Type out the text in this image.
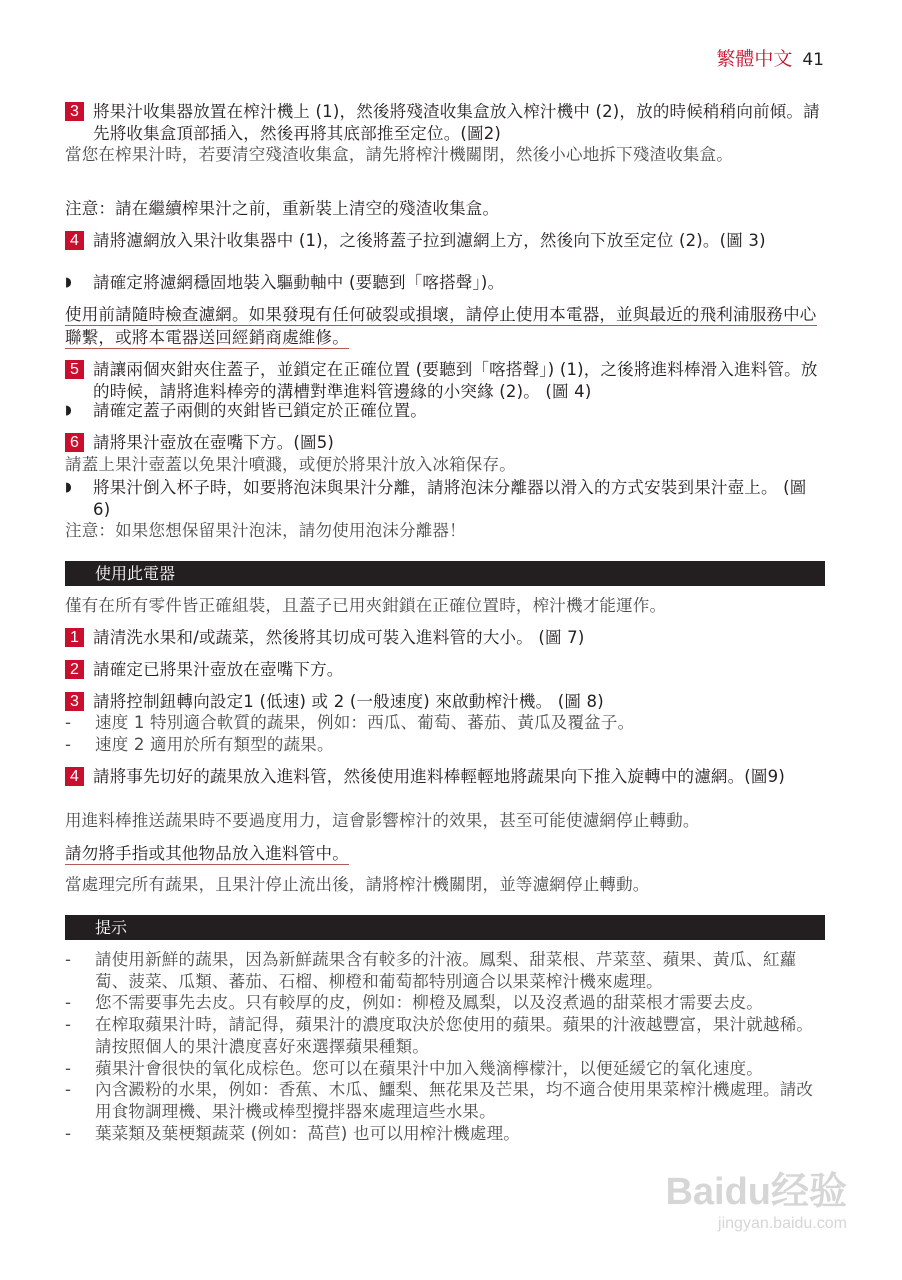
繁體中文 41
3 將果汁收集器放置在榨汁機上 (1)，然後將殘渣收集盒放入榨汁機中 (2)，放的時候稍稍向前傾。請先將收集盒頂部插入，然後再將其底部推至定位。(圖2)
當您在榨果汁時，若要清空殘渣收集盒，請先將榨汁機關閉，然後小心地拆下殘渣收集盒。
注意：請在繼續榨果汁之前，重新裝上清空的殘渣收集盒。
4 請將濾網放入果汁收集器中 (1)，之後將蓋子拉到濾網上方，然後向下放至定位 (2)。(圖 3)
◗	請確定將濾網穩固地裝入驅動軸中 (要聽到「喀搭聲」)。
使用前請隨時檢查濾網。如果發現有任何破裂或損壞，請停止使用本電器，並與最近的飛利浦服務中心聯繫，或將本電器送回經銷商處維修。
5 請讓兩個夾鉗夾住蓋子，並鎖定在正確位置 (要聽到「喀搭聲」) (1)，之後將進料棒滑入進料管。放的時候，請將進料棒旁的溝槽對準進料管邊緣的小突緣 (2)。 (圖 4)
◗	請確定蓋子兩側的夾鉗皆已鎖定於正確位置。
6 請將果汁壺放在壺嘴下方。(圖5)
請蓋上果汁壺蓋以免果汁噴濺，或便於將果汁放入冰箱保存。
◗	將果汁倒入杯子時，如要將泡沫與果汁分離，請將泡沫分離器以滑入的方式安裝到果汁壺上。 (圖 6)
注意：如果您想保留果汁泡沫，請勿使用泡沫分離器！
使用此電器
僅有在所有零件皆正確組裝，且蓋子已用夾鉗鎖在正確位置時，榨汁機才能運作。
1 請清洗水果和/或蔬菜，然後將其切成可裝入進料管的大小。 (圖 7)
2 請確定已將果汁壺放在壺嘴下方。
3 請將控制鈕轉向設定1 (低速) 或 2 (一般速度) 來啟動榨汁機。 (圖 8)
-	速度 1 特別適合軟質的蔬果，例如：西瓜、葡萄、蕃茄、黃瓜及覆盆子。
-	速度 2 適用於所有類型的蔬果。
4 請將事先切好的蔬果放入進料管，然後使用進料棒輕輕地將蔬果向下推入旋轉中的濾網。(圖9)
用進料棒推送蔬果時不要過度用力，這會影響榨汁的效果，甚至可能使濾網停止轉動。
請勿將手指或其他物品放入進料管中。
當處理完所有蔬果，且果汁停止流出後，請將榨汁機關閉，並等濾網停止轉動。
提示
-	請使用新鮮的蔬果，因為新鮮蔬果含有較多的汁液。鳳梨、甜菜根、芹菜莖、蘋果、黃瓜、紅蘿蔔、菠菜、瓜類、蕃茄、石榴、柳橙和葡萄都特別適合以果菜榨汁機來處理。
-	您不需要事先去皮。只有較厚的皮，例如：柳橙及鳳梨，以及沒煮過的甜菜根才需要去皮。
-	在榨取蘋果汁時，請記得，蘋果汁的濃度取決於您使用的蘋果。蘋果的汁液越豐富，果汁就越稀。請按照個人的果汁濃度喜好來選擇蘋果種類。
-	蘋果汁會很快的氧化成棕色。您可以在蘋果汁中加入幾滴檸檬汁，以便延緩它的氧化速度。
-	內含澱粉的水果，例如：香蕉、木瓜、鱷梨、無花果及芒果，均不適合使用果菜榨汁機處理。請改用食物調理機、果汁機或棒型攪拌器來處理這些水果。
-	葉菜類及葉梗類蔬菜 (例如：萵苣) 也可以用榨汁機處理。
Baidu经验
jingyan.baidu.com
